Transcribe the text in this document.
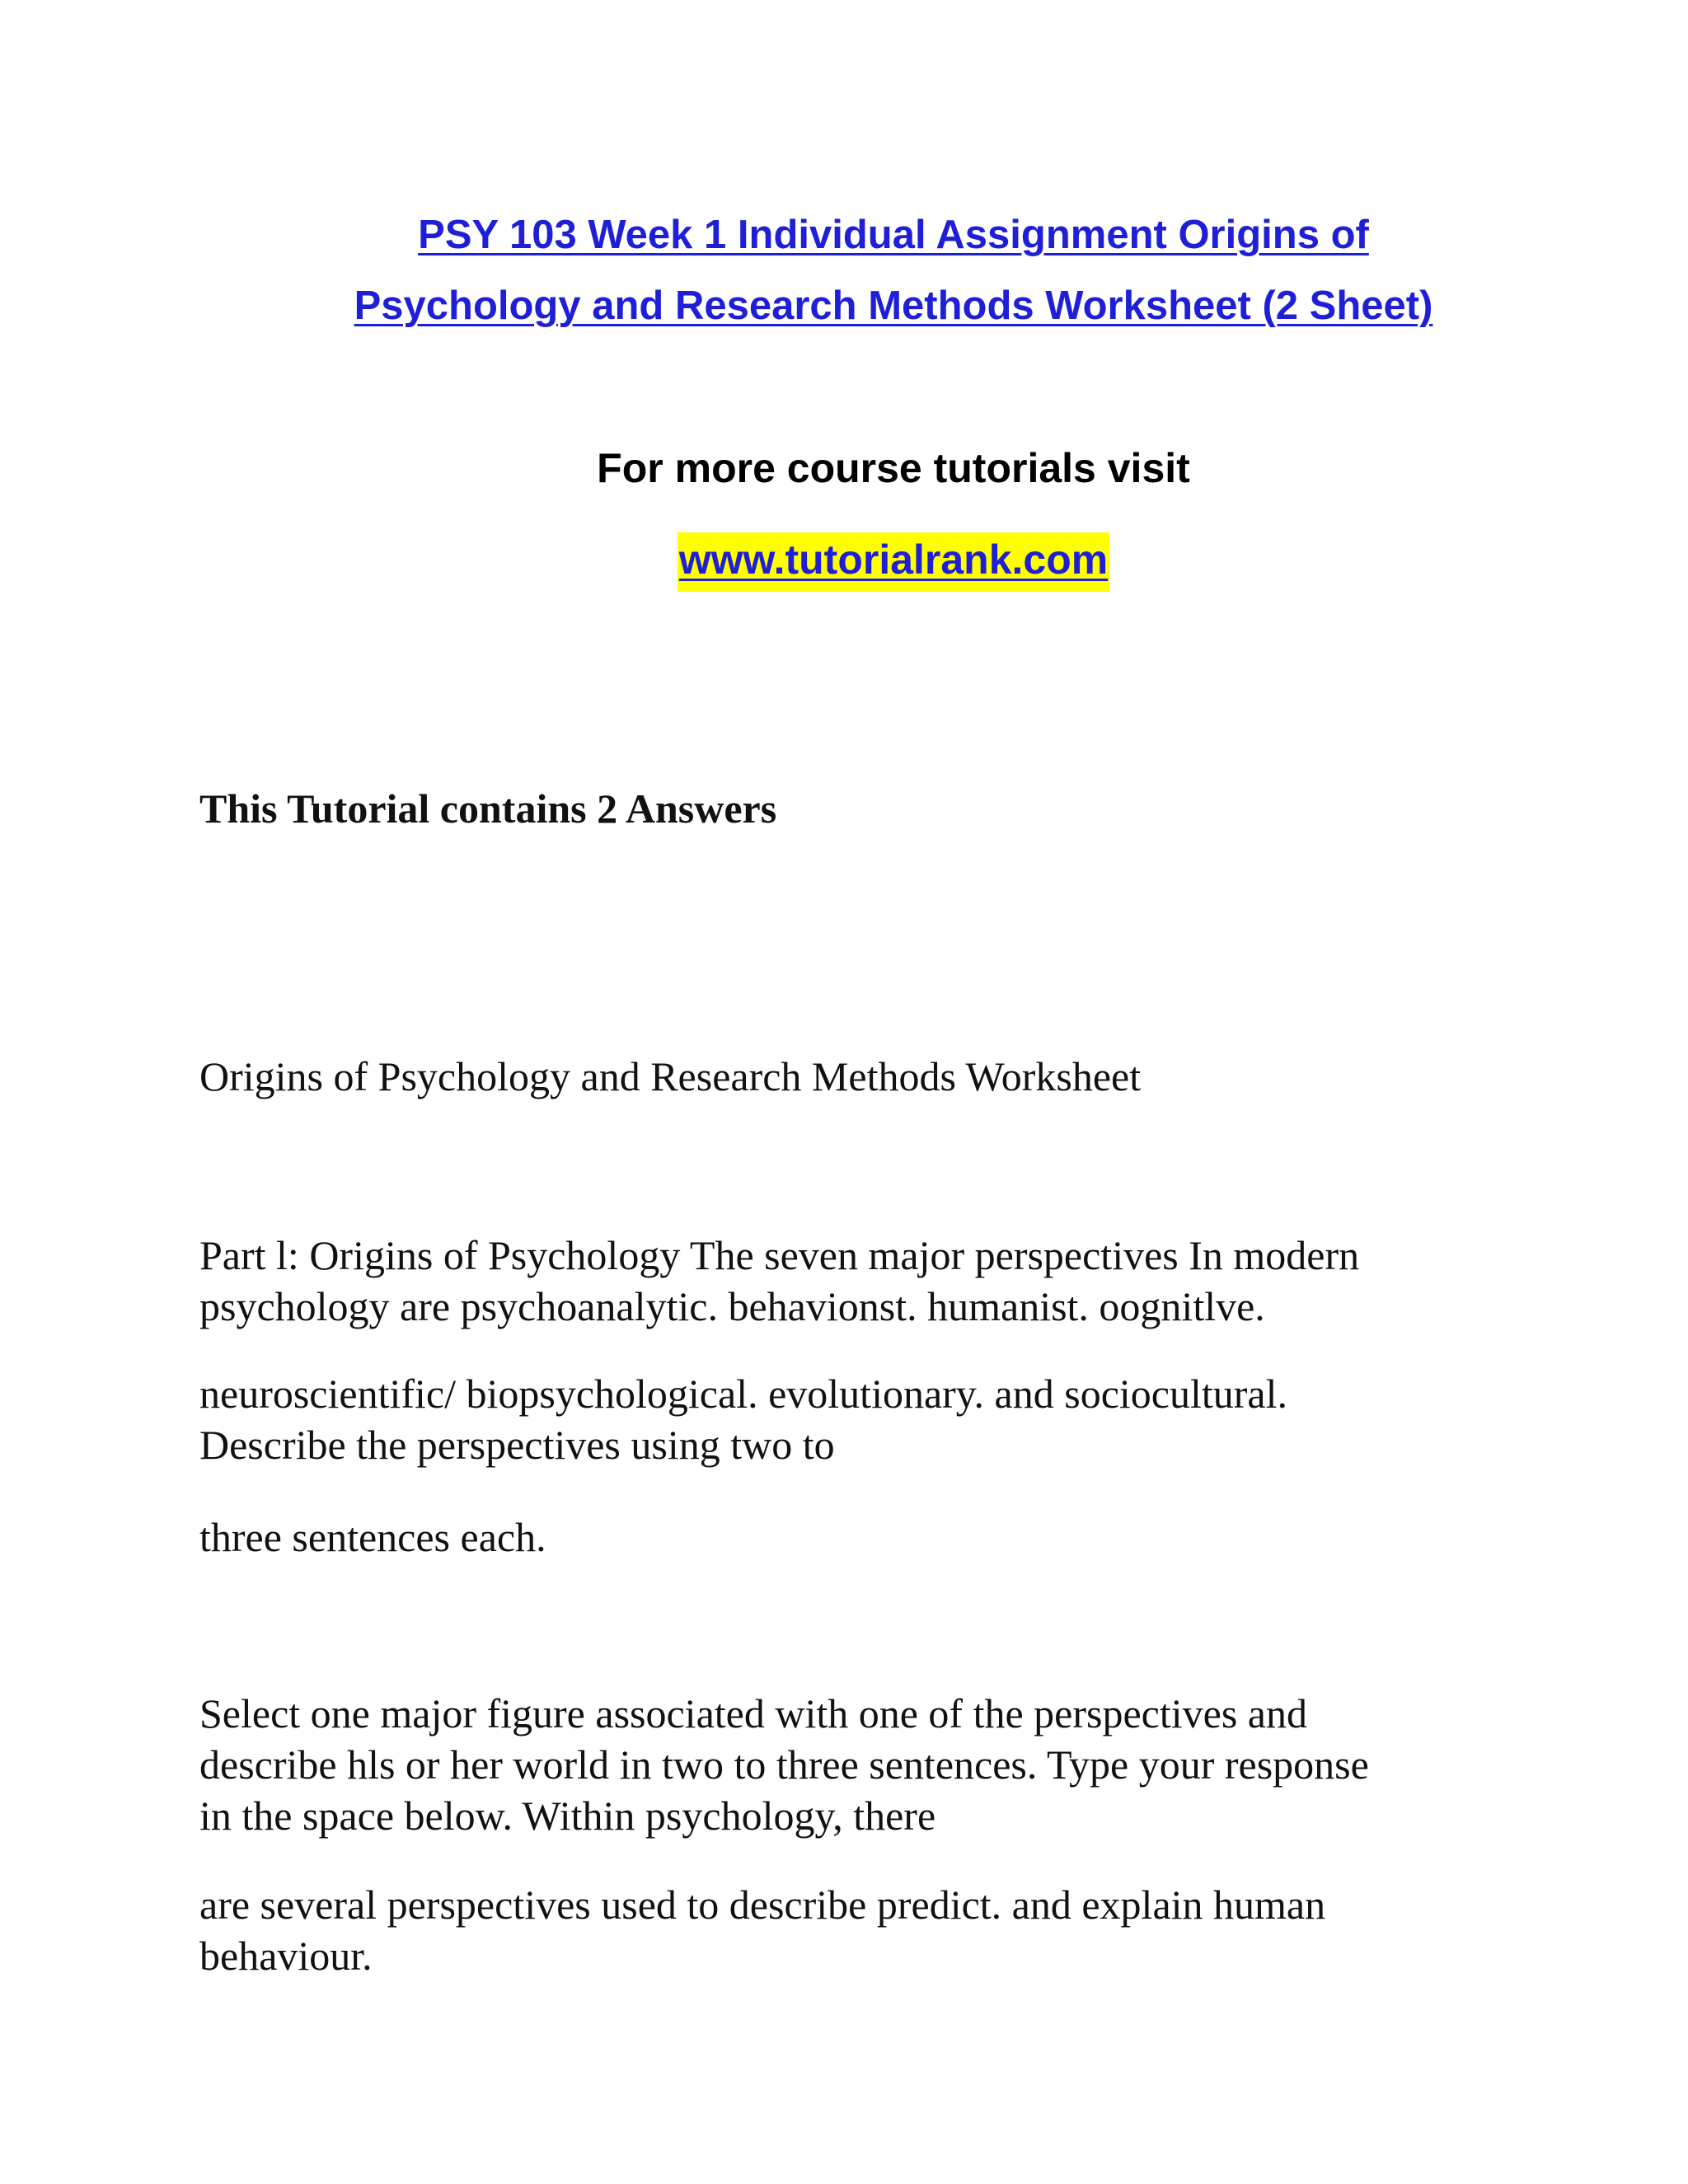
PSY 103 Week 1 Individual Assignment Origins of
Psychology and Research Methods Worksheet (2 Sheet)
For more course tutorials visit
www.tutorialrank.com
This Tutorial contains 2 Answers
Origins of Psychology and Research Methods Worksheet

Part l: Origins of Psychology The seven major perspectives In modern

psychology are psychoanalytic. behavionst. humanist. oognitlve.

neuroscientific/ biopsychological. evolutionary. and sociocultural.

Describe the perspectives using two to

three sentences each.

Select one major figure associated with one of the perspectives and

describe hls or her world in two to three sentences. Type your response

in the space below. Within psychology, there

are several perspectives used to describe predict. and explain human

behaviour.
